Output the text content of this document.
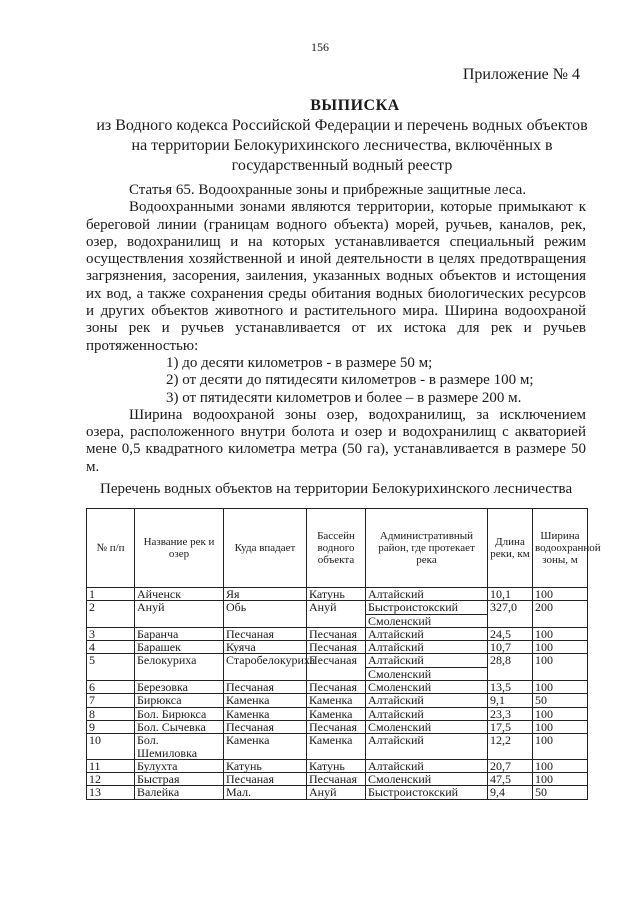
156
Приложение № 4
ВЫПИСКА
из Водного кодекса Российской Федерации и перечень водных объектов на территории Белокурихинского лесничества, включённых в государственный водный реестр

Статья 65. Водоохранные зоны и прибрежные защитные леса.

Водоохранными зонами являются территории, которые примыкают к береговой линии (границам водного объекта) морей, ручьев, каналов, рек, озер, водохранилищ и на которых устанавливается специальный режим осуществления хозяйственной и иной деятельности в целях предотвращения загрязнения, засорения, заиления, указанных водных объектов и истощения их вод, а также сохранения среды обитания водных биологических ресурсов и других объектов животного и растительного мира. Ширина водоохраной зоны рек и ручьев устанавливается от их истока для рек и ручьев протяженностью:

1) до десяти километров - в размере 50 м;

2) от десяти до пятидесяти километров - в размере 100 м;

3) от пятидесяти километров и более – в размере 200 м.

Ширина водоохраной зоны озер, водохранилищ, за исключением озера, расположенного внутри болота и озер и водохранилищ с акваторией мене 0,5 квадратного километра метра (50 га), устанавливается в размере 50 м.

Перечень водных объектов на территории Белокурихинского лесничества
№ п/п	Название рек и озер	Куда впадает	Бассейн водного объекта	Административный район, где протекает река	Длина реки, км	Ширина водоохранной зоны, м
1	Айченск	Яя	Катунь	Алтайский	10,1	100
2	Ануй	Обь	Ануй	Быстроистокский	327,0	200
				Смоленский		
3	Баранча	Песчаная	Песчаная	Алтайский	24,5	100
4	Барашек	Куяча	Песчаная	Алтайский	10,7	100
5	Белокуриха	Старобелокуриха	Песчаная	Алтайский	28,8	100
				Смоленский		
6	Березовка	Песчаная	Песчаная	Смоленский	13,5	100
7	Бирюкса	Каменка	Каменка	Алтайский	9,1	50
8	Бол. Бирюкса	Каменка	Каменка	Алтайский	23,3	100
9	Бол. Сычевка	Песчаная	Песчаная	Смоленский	17,5	100
10	Бол. Шемиловка	Каменка	Каменка	Алтайский	12,2	100
11	Булухта	Катунь	Катунь	Алтайский	20,7	100
12	Быстрая	Песчаная	Песчаная	Смоленский	47,5	100
13	Валейка	Мал.	Ануй	Быстроистокский	9,4	50
